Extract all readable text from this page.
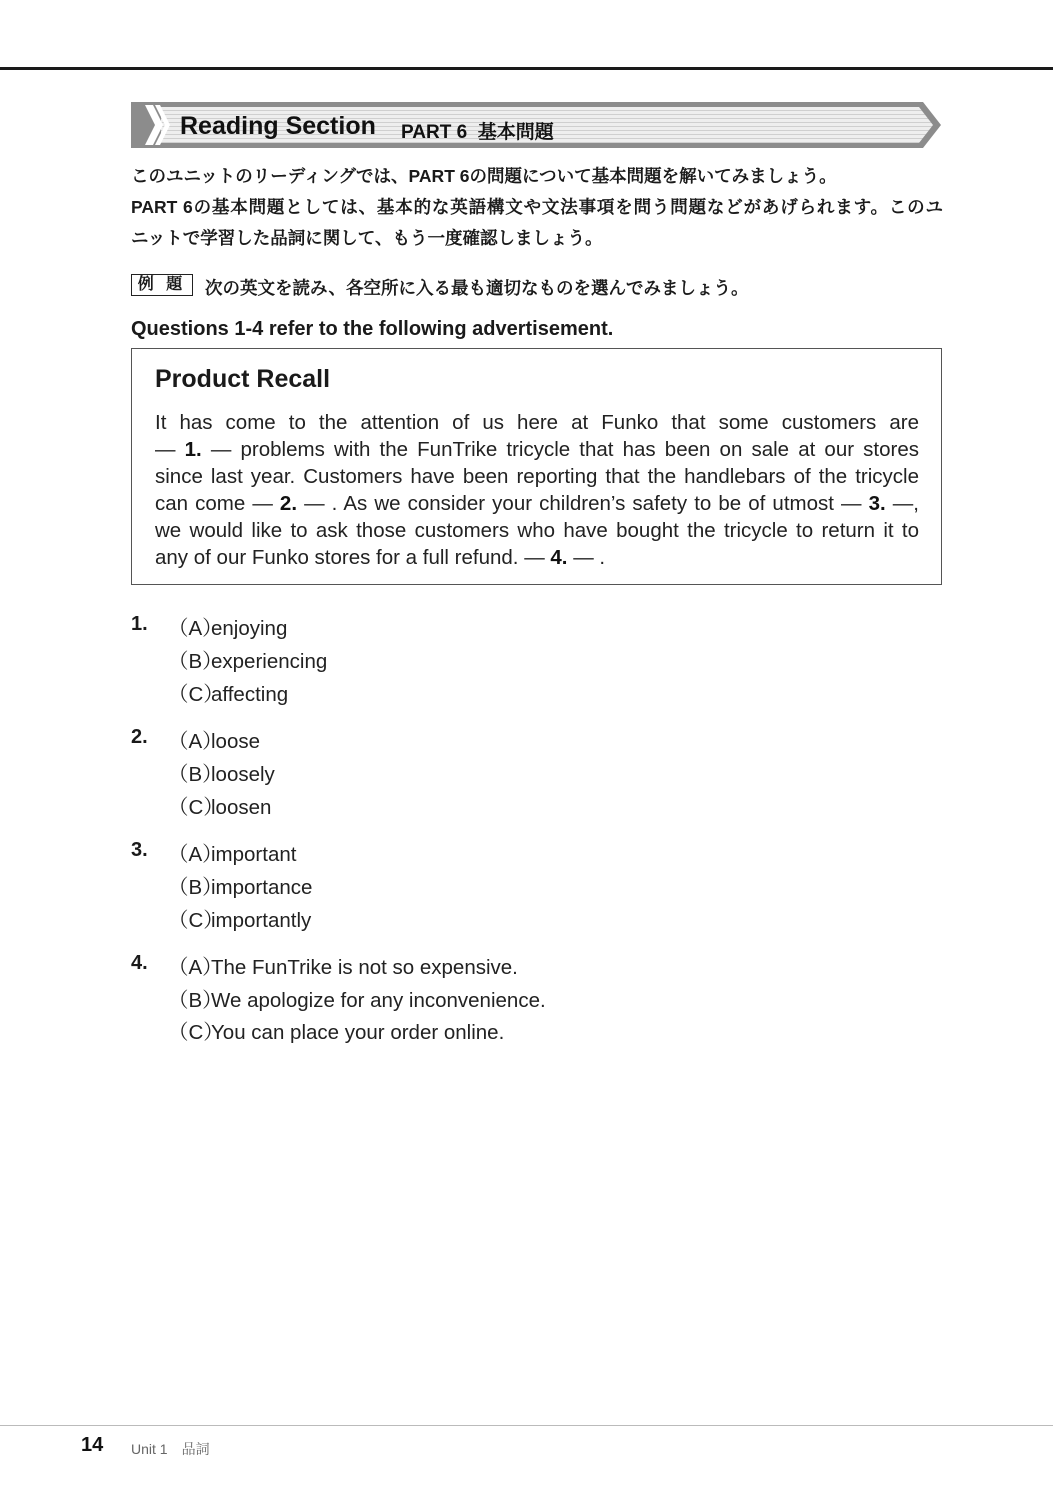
Reading Section PART 6 基本問題
このユニットのリーディングでは、PART 6の問題について基本問題を解いてみましょう。
PART 6の基本問題としては、基本的な英語構文や文法事項を問う問題などがあげられます。このユ
ニットで学習した品詞に関して、もう一度確認しましょう。
例 題	次の英文を読み、各空所に入る最も適切なものを選んでみましょう。
Questions 1-4 refer to the following advertisement.
Product Recall
It has come to the attention of us here at Funko that some customers are
— 1. — problems with the FunTrike tricycle that has been on sale at our stores
since last year. Customers have been reporting that the handlebars of the tricycle
can come — 2. — . As we consider your children’s safety to be of utmost — 3. —,
we would like to ask those customers who have bought the tricycle to return it to
any of our Funko stores for a full refund. — 4. — .
1. （A）enjoying
（B）experiencing
（C）affecting
2. （A）loose
（B）loosely
（C）loosen
3. （A）important
（B）importance
（C）importantly
4. （A）The FunTrike is not so expensive.
（B）We apologize for any inconvenience.
（C）You can place your order online.
14 Unit 1　品詞
